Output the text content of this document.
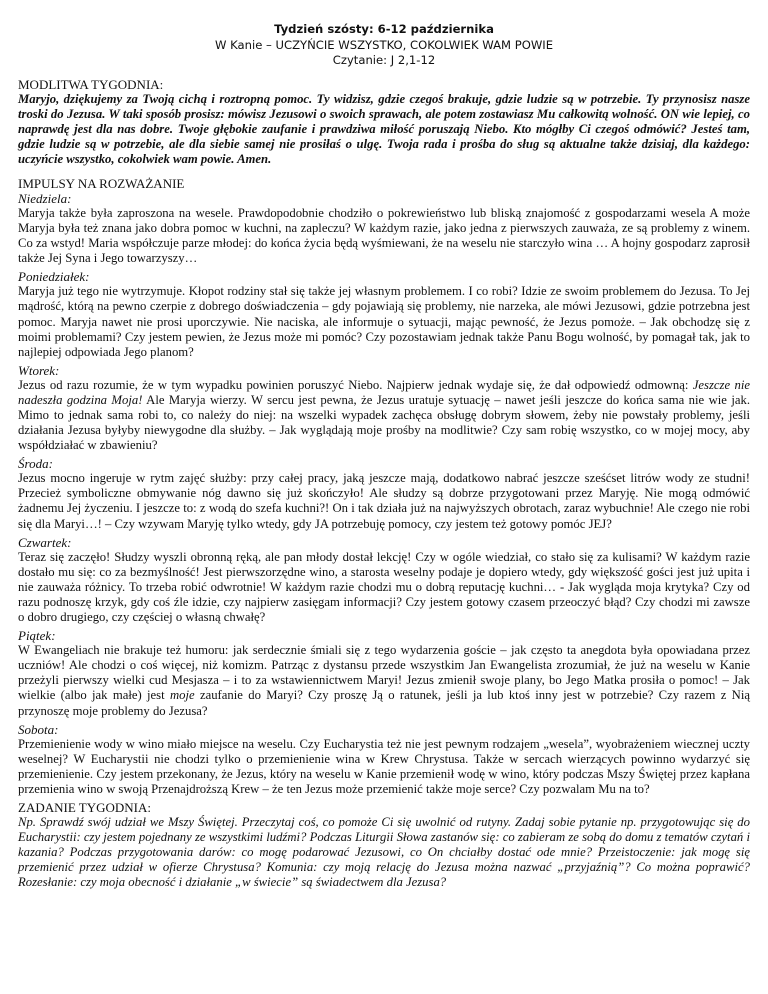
Tydzień szósty: 6-12 października
W Kanie – UCZYŃCIE WSZYSTKO, COKOLWIEK WAM POWIE
Czytanie: J 2,1-12
MODLITWA TYGODNIA:

Maryjo, dziękujemy za Twoją cichą i roztropną pomoc. Ty widzisz, gdzie czegoś brakuje, gdzie ludzie są w potrzebie. Ty przynosisz nasze troski do Jezusa. W taki sposób prosisz: mówisz Jezusowi o swoich sprawach, ale potem zostawiasz Mu całkowitą wolność. ON wie lepiej, co naprawdę jest dla nas dobre. Twoje głębokie zaufanie i prawdziwa miłość poruszają Niebo. Kto mógłby Ci czegoś odmówić? Jesteś tam, gdzie ludzie są w potrzebie, ale dla siebie samej nie prosiłaś o ulgę. Twoja rada i prośba do sług są aktualne także dzisiaj, dla każdego: uczyńcie wszystko, cokolwiek wam powie. Amen.

IMPULSY NA ROZWAŻANIE
Niedziela:

Maryja także była zaproszona na wesele. Prawdopodobnie chodziło o pokrewieństwo lub bliską znajomość z gospodarzami wesela A może Maryja była też znana jako dobra pomoc w kuchni, na zapleczu? W każdym razie, jako jedna z pierwszych zauważa, ze są problemy z winem. Co za wstyd! Maria współczuje parze młodej: do końca życia będą wyśmiewani, że na weselu nie starczyło wina … A hojny gospodarz zaprosił także Jej Syna i Jego towarzyszy…

Poniedziałek:

Maryja już tego nie wytrzymuje. Kłopot rodziny stał się także jej własnym problemem. I co robi? Idzie ze swoim problemem do Jezusa. To Jej mądrość, którą na pewno czerpie z dobrego doświadczenia – gdy pojawiają się problemy, nie narzeka, ale mówi Jezusowi, gdzie potrzebna jest pomoc. Maryja nawet nie prosi uporczywie. Nie naciska, ale informuje o sytuacji, mając pewność, że Jezus pomoże. – Jak obchodzę się z moimi problemami? Czy jestem pewien, że Jezus może mi pomóc? Czy pozostawiam jednak także Panu Bogu wolność, by pomagał tak, jak to najlepiej odpowiada Jego planom?

Wtorek:

Jezus od razu rozumie, że w tym wypadku powinien poruszyć Niebo. Najpierw jednak wydaje się, że dał odpowiedź odmowną: Jeszcze nie nadeszła godzina Moja! Ale Maryja wierzy. W sercu jest pewna, że Jezus uratuje sytuację – nawet jeśli jeszcze do końca sama nie wie jak. Mimo to jednak sama robi to, co należy do niej: na wszelki wypadek zachęca obsługę dobrym słowem, żeby nie powstały problemy, jeśli działania Jezusa byłyby niewygodne dla służby. – Jak wyglądają moje prośby na modlitwie? Czy sam robię wszystko, co w mojej mocy, aby współdziałać w zbawieniu?

Środa:

Jezus mocno ingeruje w rytm zajęć służby: przy całej pracy, jaką jeszcze mają, dodatkowo nabrać jeszcze sześćset litrów wody ze studni! Przecież symboliczne obmywanie nóg dawno się już skończyło! Ale słudzy są dobrze przygotowani przez Maryję. Nie mogą odmówić żadnemu Jej życzeniu. I jeszcze to: z wodą do szefa kuchni?! On i tak działa już na najwyższych obrotach, zaraz wybuchnie! Ale czego nie robi się dla Maryi…! – Czy wzywam Maryję tylko wtedy, gdy JA potrzebuję pomocy, czy jestem też gotowy pomóc JEJ?

Czwartek:

Teraz się zaczęło! Słudzy wyszli obronną ręką, ale pan młody dostał lekcję! Czy w ogóle wiedział, co stało się za kulisami? W każdym razie dostało mu się: co za bezmyślność! Jest pierwszorzędne wino, a starosta weselny podaje je dopiero wtedy, gdy większość gości jest już upita i nie zauważa różnicy. To trzeba robić odwrotnie! W każdym razie chodzi mu o dobrą reputację kuchni… - Jak wygląda moja krytyka? Czy od razu podnoszę krzyk, gdy coś źle idzie, czy najpierw zasięgam informacji? Czy jestem gotowy czasem przeoczyć błąd? Czy chodzi mi zawsze o dobro drugiego, czy częściej o własną chwałę?

Piątek:

W Ewangeliach nie brakuje też humoru: jak serdecznie śmiali się z tego wydarzenia goście – jak często ta anegdota była opowiadana przez uczniów! Ale chodzi o coś więcej, niż komizm. Patrząc z dystansu przede wszystkim Jan Ewangelista zrozumiał, że już na weselu w Kanie przeżyli pierwszy wielki cud Mesjasza – i to za wstawiennictwem Maryi! Jezus zmienił swoje plany, bo Jego Matka prosiła o pomoc! – Jak wielkie (albo jak małe) jest moje zaufanie do Maryi? Czy proszę Ją o ratunek, jeśli ja lub ktoś inny jest w potrzebie? Czy razem z Nią przynoszę moje problemy do Jezusa?

Sobota:

Przemienienie wody w wino miało miejsce na weselu. Czy Eucharystia też nie jest pewnym rodzajem „wesela”, wyobrażeniem wiecznej uczty weselnej? W Eucharystii nie chodzi tylko o przemienienie wina w Krew Chrystusa. Także w sercach wierzących powinno wydarzyć się przemienienie. Czy jestem przekonany, że Jezus, który na weselu w Kanie przemienił wodę w wino, który podczas Mszy Świętej przez kapłana przemienia wino w swoją Przenajdroższą Krew – że ten Jezus może przemienić także moje serce? Czy pozwalam Mu na to?

ZADANIE TYGODNIA:

Np. Sprawdź swój udział we Mszy Świętej. Przeczytaj coś, co pomoże Ci się uwolnić od rutyny. Zadaj sobie pytanie np. przygotowując się do Eucharystii: czy jestem pojednany ze wszystkimi ludźmi? Podczas Liturgii Słowa zastanów się: co zabieram ze sobą do domu z tematów czytań i kazania? Podczas przygotowania darów: co mogę podarować Jezusowi, co On chciałby dostać ode mnie? Przeistoczenie: jak mogę się przemienić przez udział w ofierze Chrystusa? Komunia: czy moją relację do Jezusa można nazwać „przyjaźnią”? Co można poprawić? Rozesłanie: czy moja obecność i działanie „w świecie” są świadectwem dla Jezusa?
